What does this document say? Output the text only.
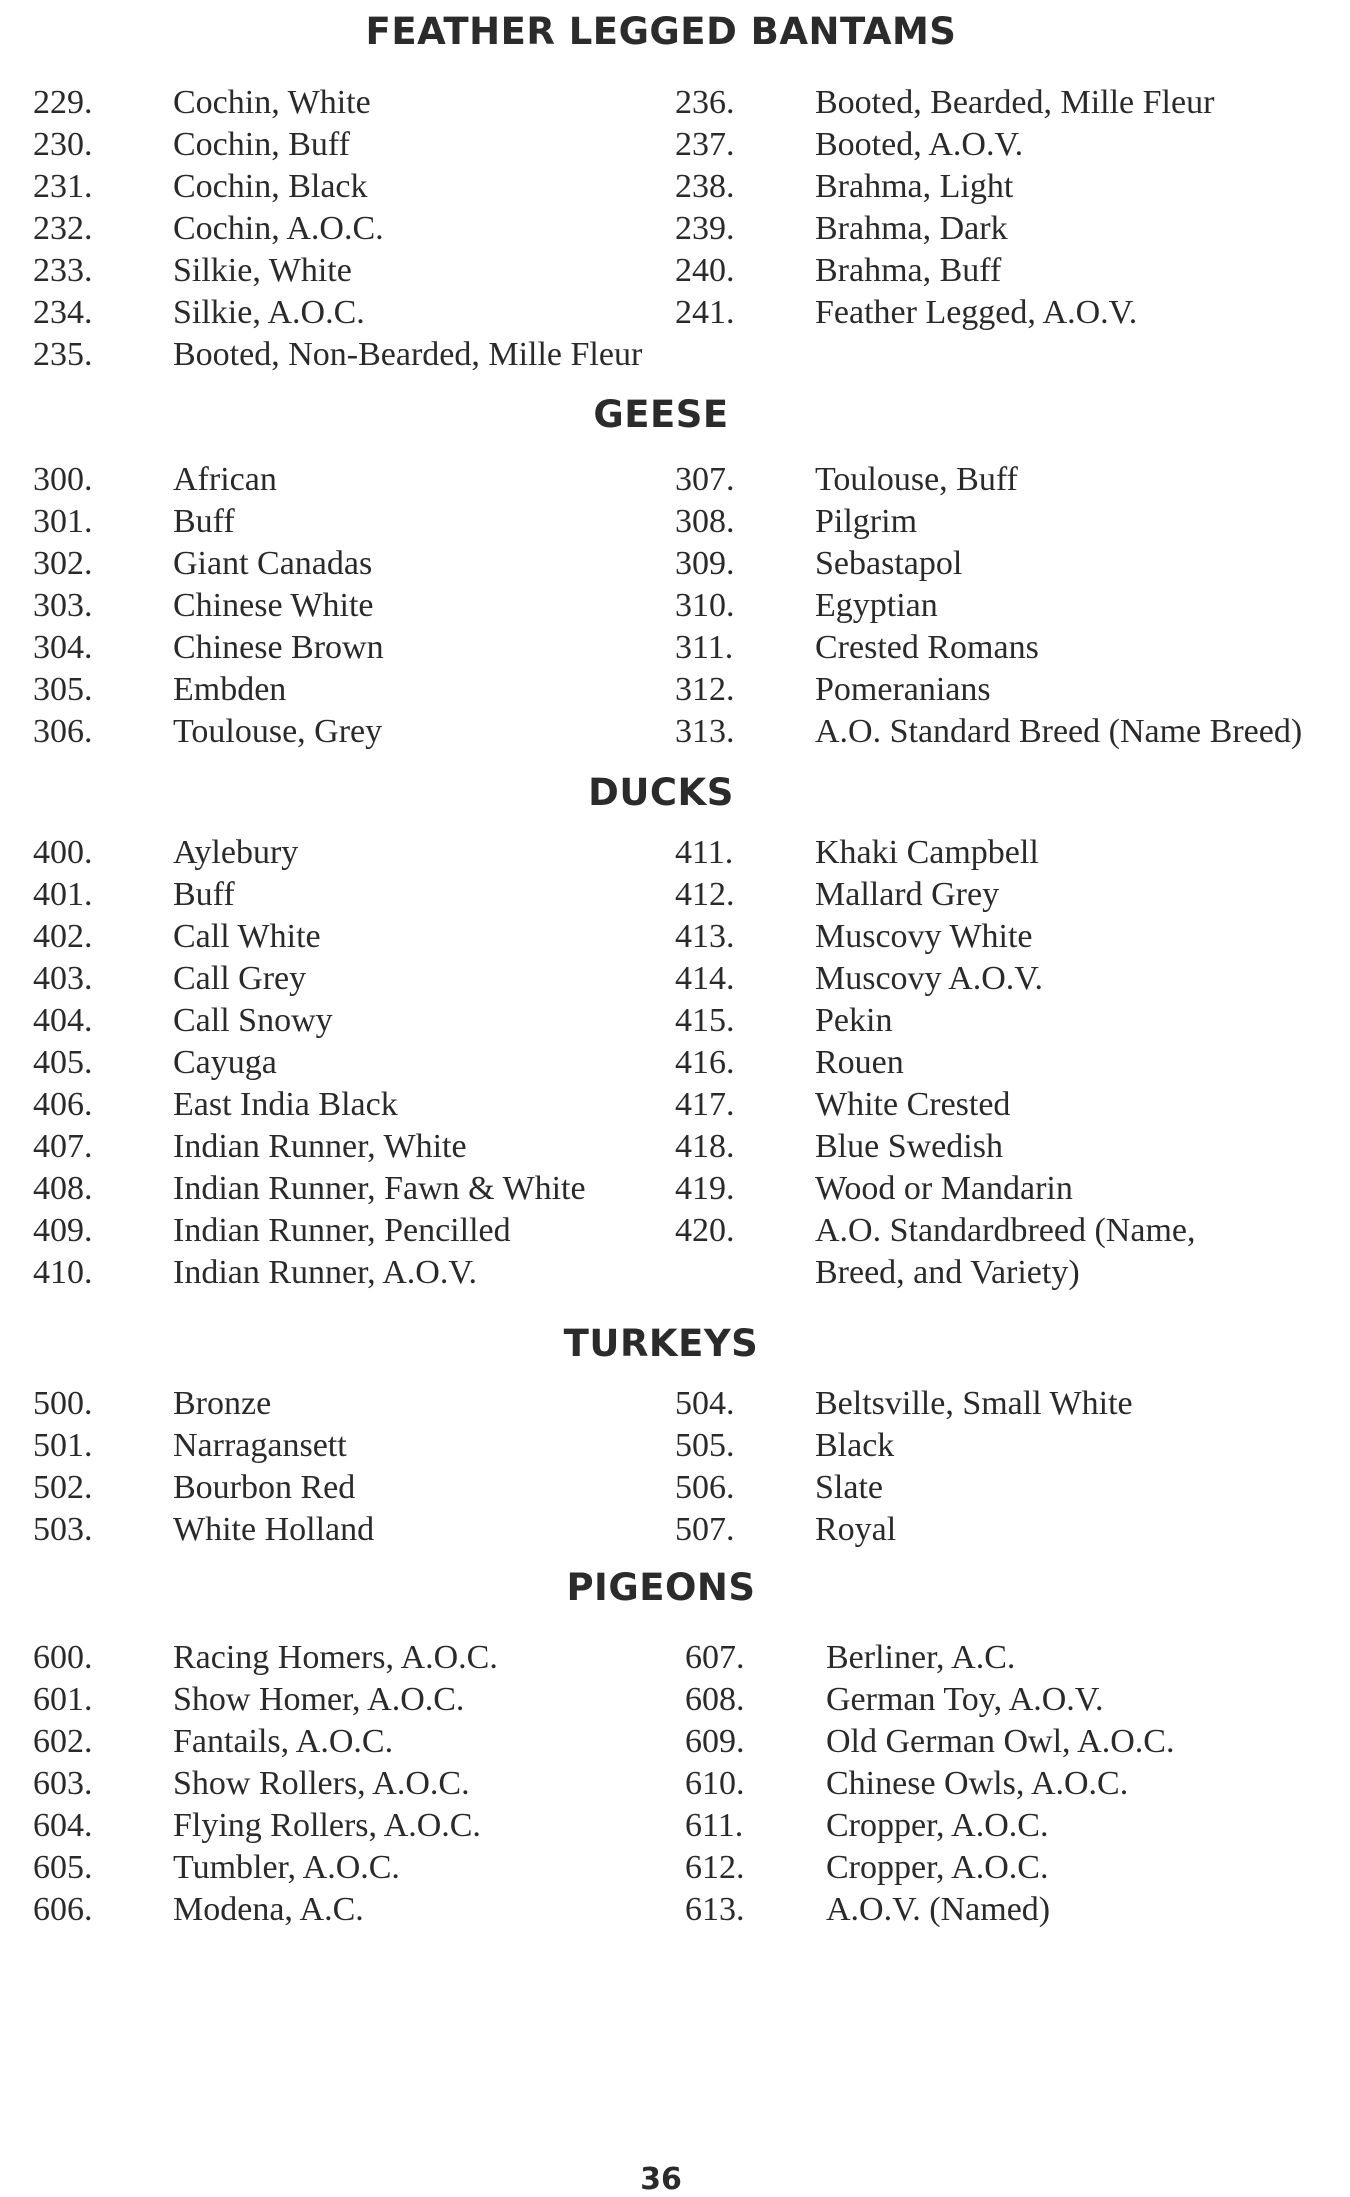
FEATHER LEGGED BANTAMS
229. Cochin, White
230. Cochin, Buff
231. Cochin, Black
232. Cochin, A.O.C.
233. Silkie, White
234. Silkie, A.O.C.
235. Booted, Non-Bearded, Mille Fleur
236. Booted, Bearded, Mille Fleur
237. Booted, A.O.V.
238. Brahma, Light
239. Brahma, Dark
240. Brahma, Buff
241. Feather Legged, A.O.V.
GEESE
300. African
301. Buff
302. Giant Canadas
303. Chinese White
304. Chinese Brown
305. Embden
306. Toulouse, Grey
307. Toulouse, Buff
308. Pilgrim
309. Sebastapol
310. Egyptian
311. Crested Romans
312. Pomeranians
313. A.O. Standard Breed (Name Breed)
DUCKS
400. Aylebury
401. Buff
402. Call White
403. Call Grey
404. Call Snowy
405. Cayuga
406. East India Black
407. Indian Runner, White
408. Indian Runner, Fawn & White
409. Indian Runner, Pencilled
410. Indian Runner, A.O.V.
411. Khaki Campbell
412. Mallard Grey
413. Muscovy White
414. Muscovy A.O.V.
415. Pekin
416. Rouen
417. White Crested
418. Blue Swedish
419. Wood or Mandarin
420. A.O. Standardbreed (Name,
Breed, and Variety)
TURKEYS
500. Bronze
501. Narragansett
502. Bourbon Red
503. White Holland
504. Beltsville, Small White
505. Black
506. Slate
507. Royal
PIGEONS
600. Racing Homers, A.O.C.
601. Show Homer, A.O.C.
602. Fantails, A.O.C.
603. Show Rollers, A.O.C.
604. Flying Rollers, A.O.C.
605. Tumbler, A.O.C.
606. Modena, A.C.
607. Berliner, A.C.
608. German Toy, A.O.V.
609. Old German Owl, A.O.C.
610. Chinese Owls, A.O.C.
611. Cropper, A.O.C.
612. Cropper, A.O.C.
613. A.O.V. (Named)
36
